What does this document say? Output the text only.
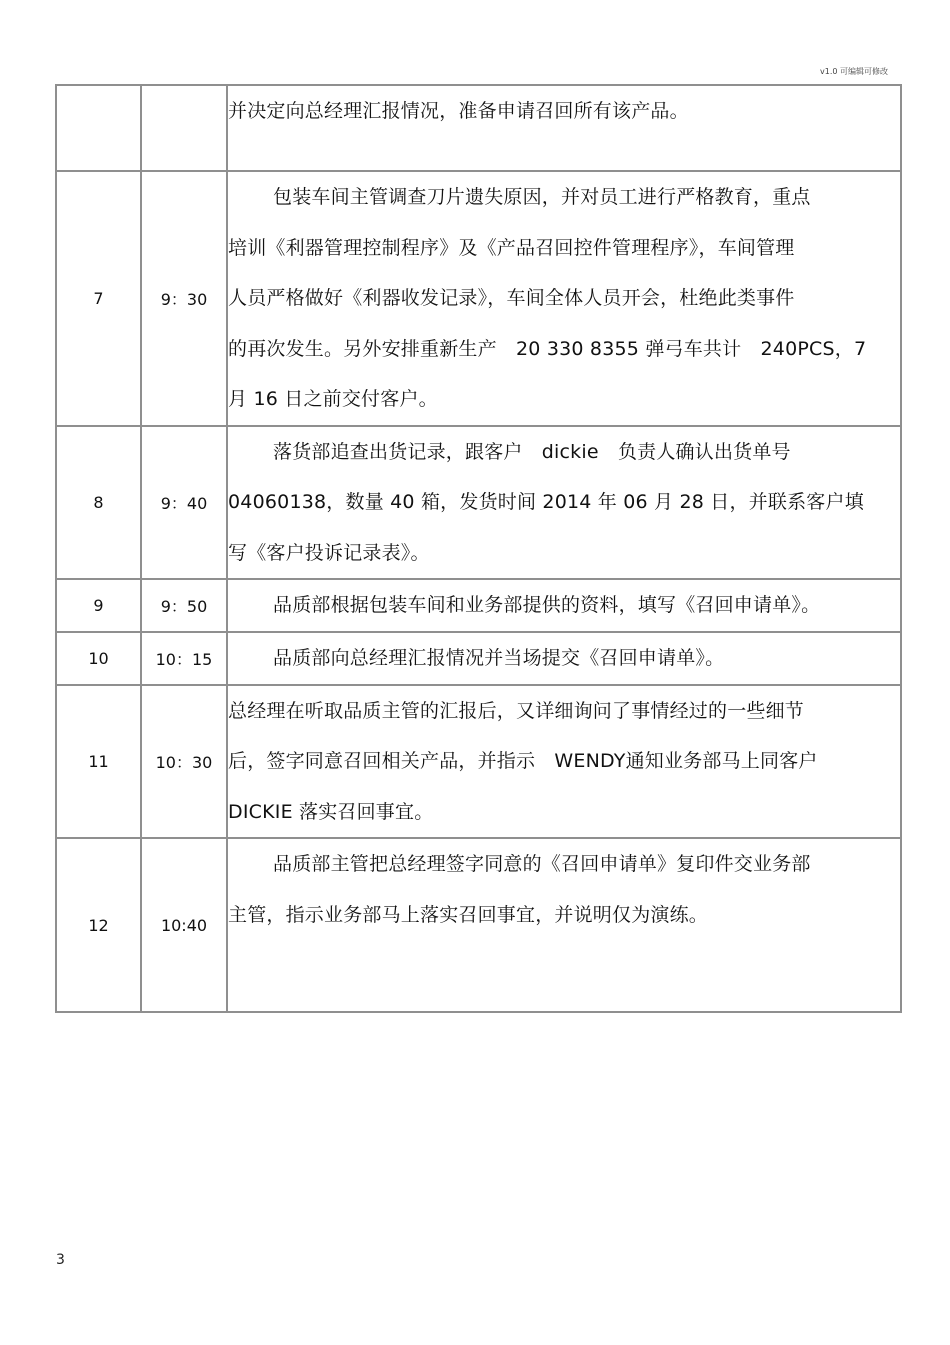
v1.0 可编辑可修改

		并决定向总经理汇报情况，准备申请召回所有该产品。

7	9：30	包装车间主管调查刀片遗失原因，并对员工进行严格教育，重点
培训《利器管理控制程序》及《产品召回控件管理程序》，车间管理
人员严格做好《利器收发记录》，车间全体人员开会，杜绝此类事件
的再次发生。另外安排重新生产　20 330 8355 弹弓车共计　240PCS，7
月 16 日之前交付客户。

8	9：40	落货部追查出货记录，跟客户　dickie　负责人确认出货单号
04060138，数量 40 箱，发货时间 2014 年 06 月 28 日，并联系客户填
写《客户投诉记录表》。

9	9：50	品质部根据包装车间和业务部提供的资料，填写《召回申请单》。

10	10：15	品质部向总经理汇报情况并当场提交《召回申请单》。

11	10：30	总经理在听取品质主管的汇报后，又详细询问了事情经过的一些细节
后，签字同意召回相关产品，并指示　WENDY通知业务部马上同客户
DICKIE 落实召回事宜。

12	10:40	品质部主管把总经理签字同意的《召回申请单》复印件交业务部
主管，指示业务部马上落实召回事宜，并说明仅为演练。
3
